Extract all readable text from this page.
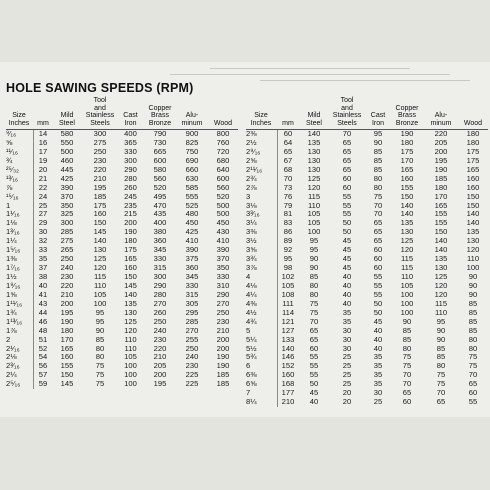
HOLE SAWING SPEEDS (RPM)
Size
Inches	mm
Mild
Steel
Tool
and
Stainless
Steels
Cast
Iron
Copper
Brass
Bronze
Alu-
minum	Wood
⁹⁄₁₆	14	580	300	400	790	900	800
⅝	16	550	275	365	730	825	760
¹¹⁄₁₆	17	500	250	330	665	750	720
¾	19	460	230	300	600	690	680
²⁵⁄₃₂	20	445	220	290	580	660	640
¹³⁄₁₆	21	425	210	280	560	630	600
⅞	22	390	195	260	520	585	560
¹⁵⁄₁₆	24	370	185	245	495	555	520
1	25	350	175	235	470	525	500
1¹⁄₁₆	27	325	160	215	435	480	500
1⅛	29	300	150	200	400	450	450
1³⁄₁₆	30	285	145	190	380	425	430
1¼	32	275	140	180	360	410	410
1⁵⁄₁₆	33	265	130	175	345	390	390
1⅜	35	250	125	165	330	375	370
1⁷⁄₁₆	37	240	120	160	315	360	350
1½	38	230	115	150	300	345	330
1⁹⁄₁₆	40	220	110	145	290	330	310
1⅝	41	210	105	140	280	315	290
1¹¹⁄₁₆	43	200	100	135	270	305	270
1¾	44	195	95	130	260	295	250
1¹³⁄₁₆	46	190	95	125	250	285	230
1⅞	48	180	90	120	240	270	210
2	51	170	85	110	230	255	200
2¹⁄₁₆	52	165	80	110	220	250	200
2⅛	54	160	80	105	210	240	190
2³⁄₁₆	56	155	75	100	205	230	190
2¼	57	150	75	100	200	225	185
2⁵⁄₁₆	59	145	75	100	195	225	185
Size
Inches	mm
Mild
Steel
Tool
and
Stainless
Steels
Cast
Iron
Copper
Brass
Bronze
Alu-
minum	Wood
2⅜	60	140	70	95	190	220	180
2½	64	135	65	90	180	205	180
2⁹⁄₁₆	65	130	65	85	175	200	175
2⅝	67	130	65	85	170	195	175
2¹¹⁄₁₆	68	130	65	85	165	190	165
2¾	70	125	60	80	160	185	160
2⅞	73	120	60	80	155	180	160
3	76	115	55	75	150	170	150
3⅛	79	110	55	70	140	165	150
3³⁄₁₆	81	105	55	70	140	155	140
3¼	83	105	50	65	135	155	140
3⅜	86	100	50	65	130	150	135
3½	89	95	45	65	125	140	130
3⅝	92	95	45	60	120	140	120
3¾	95	90	45	60	115	135	110
3⅞	98	90	45	60	115	130	100
4	102	85	40	55	110	125	90
4⅛	105	80	40	55	105	120	90
4¼	108	80	40	55	100	120	90
4⅜	111	75	40	50	100	115	85
4½	114	75	35	50	100	110	85
4¾	121	70	35	45	90	95	85
5	127	65	30	40	85	90	85
5¼	133	65	30	40	85	90	80
5½	140	60	30	40	80	85	80
5¾	146	55	25	35	75	85	75
6	152	55	25	35	75	80	75
6⅜	160	55	25	35	70	75	70
6⅝	168	50	25	35	70	75	65
7	177	45	20	30	65	70	60
8¼	210	40	20	25	60	65	55
